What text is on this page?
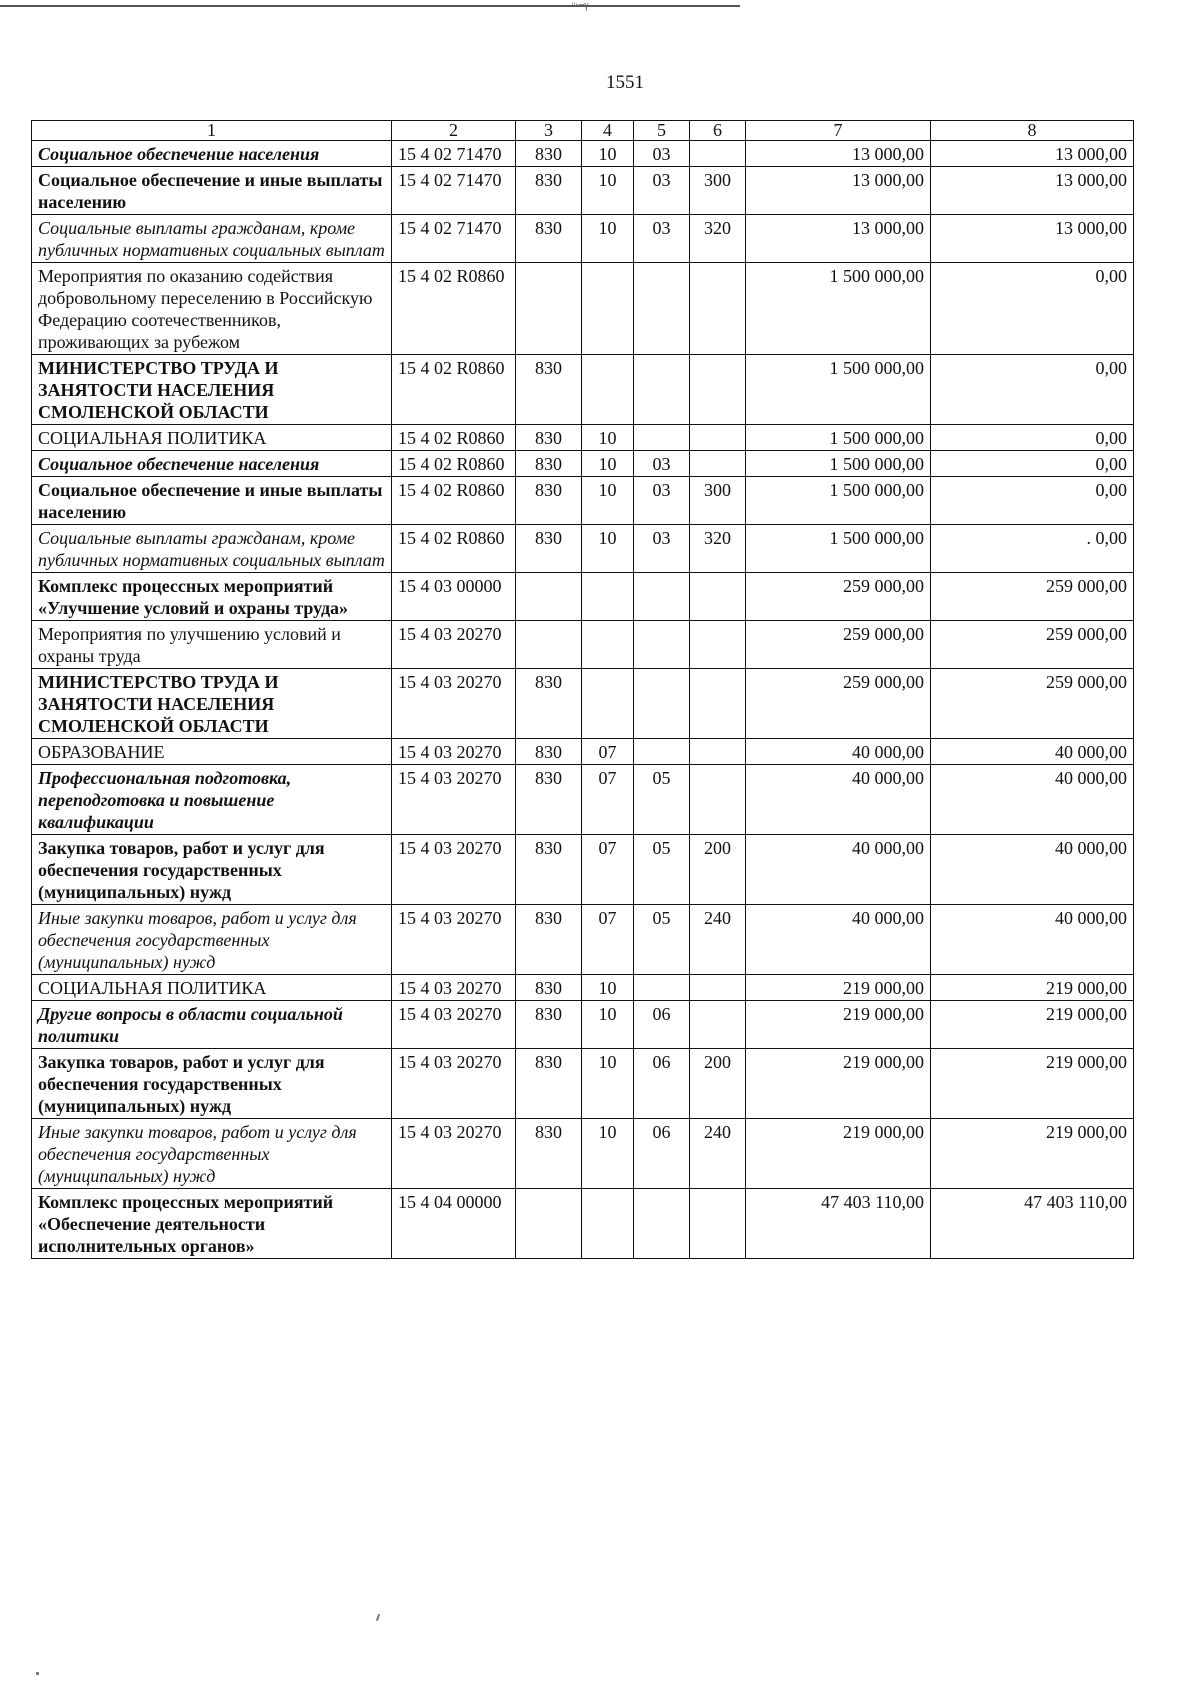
ᵖ·¬γ
1551
1	2	3	4	5	6	7	8
Социальное обеспечение населения	15 4 02 71470	830	10	03		13 000,00	13 000,00
Социальное обеспечение и иные выплаты населению	15 4 02 71470	830	10	03	300	13 000,00	13 000,00
Социальные выплаты гражданам, кроме публичных нормативных социальных выплат	15 4 02 71470	830	10	03	320	13 000,00	13 000,00
Мероприятия по оказанию содействия добровольному переселению в Российскую Федерацию соотечественников, проживающих за рубежом	15 4 02 R0860					1 500 000,00	0,00
МИНИСТЕРСТВО ТРУДА И ЗАНЯТОСТИ НАСЕЛЕНИЯ СМОЛЕНСКОЙ ОБЛАСТИ	15 4 02 R0860	830				1 500 000,00	0,00
СОЦИАЛЬНАЯ ПОЛИТИКА	15 4 02 R0860	830	10			1 500 000,00	0,00
Социальное обеспечение населения	15 4 02 R0860	830	10	03		1 500 000,00	0,00
Социальное обеспечение и иные выплаты населению	15 4 02 R0860	830	10	03	300	1 500 000,00	0,00
Социальные выплаты гражданам, кроме публичных нормативных социальных выплат	15 4 02 R0860	830	10	03	320	1 500 000,00	. 0,00
Комплекс процессных мероприятий «Улучшение условий и охраны труда»	15 4 03 00000					259 000,00	259 000,00
Мероприятия по улучшению условий и охраны труда	15 4 03 20270					259 000,00	259 000,00
МИНИСТЕРСТВО ТРУДА И ЗАНЯТОСТИ НАСЕЛЕНИЯ СМОЛЕНСКОЙ ОБЛАСТИ	15 4 03 20270	830				259 000,00	259 000,00
ОБРАЗОВАНИЕ	15 4 03 20270	830	07			40 000,00	40 000,00
Профессиональная подготовка, переподготовка и повышение квалификации	15 4 03 20270	830	07	05		40 000,00	40 000,00
Закупка товаров, работ и услуг для обеспечения государственных (муниципальных) нужд	15 4 03 20270	830	07	05	200	40 000,00	40 000,00
Иные закупки товаров, работ и услуг для обеспечения государственных (муниципальных) нужд	15 4 03 20270	830	07	05	240	40 000,00	40 000,00
СОЦИАЛЬНАЯ ПОЛИТИКА	15 4 03 20270	830	10			219 000,00	219 000,00
Другие вопросы в области социальной политики	15 4 03 20270	830	10	06		219 000,00	219 000,00
Закупка товаров, работ и услуг для обеспечения государственных (муниципальных) нужд	15 4 03 20270	830	10	06	200	219 000,00	219 000,00
Иные закупки товаров, работ и услуг для обеспечения государственных (муниципальных) нужд	15 4 03 20270	830	10	06	240	219 000,00	219 000,00
Комплекс процессных мероприятий «Обеспечение деятельности исполнительных органов»	15 4 04 00000					47 403 110,00	47 403 110,00
